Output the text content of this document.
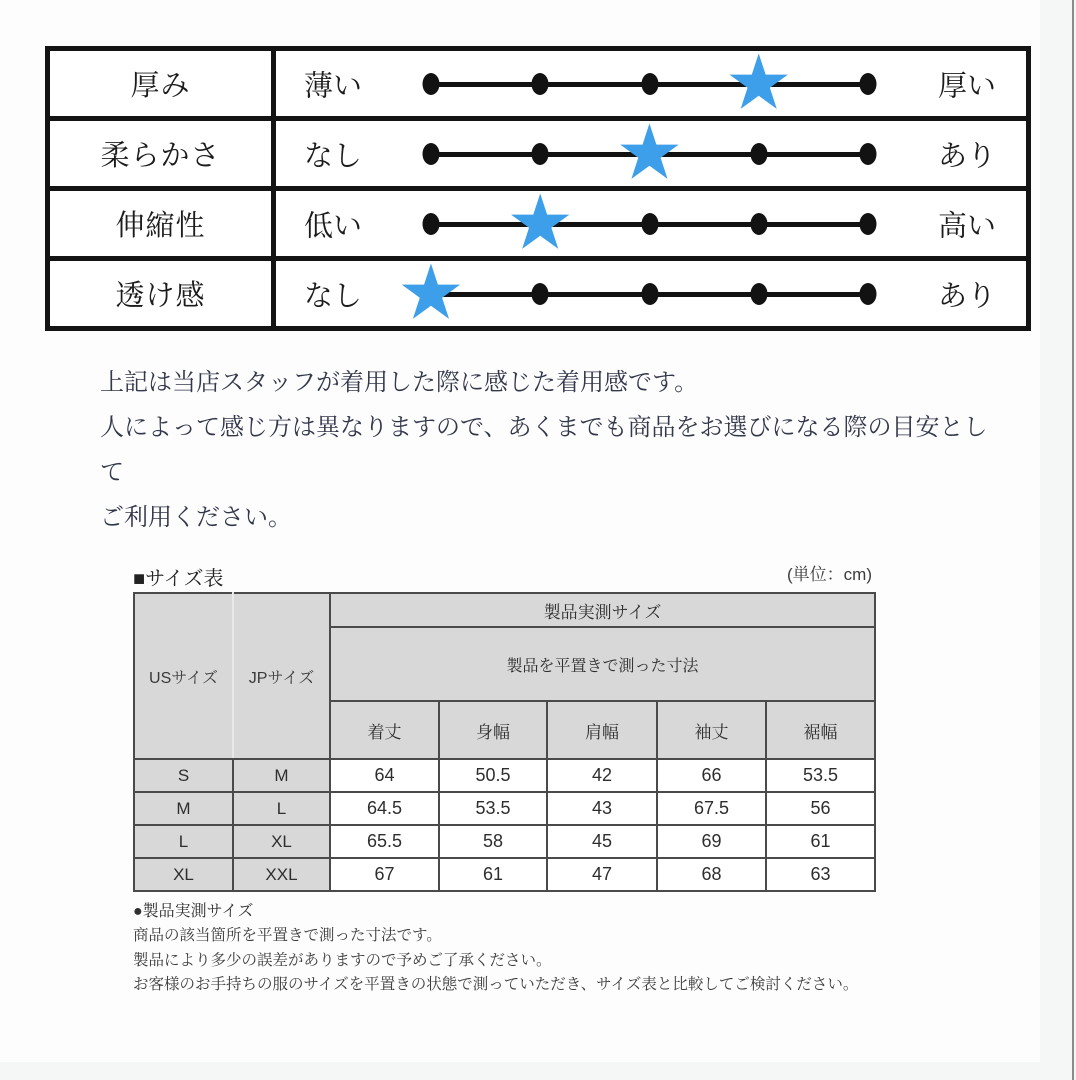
厚み	薄い	★	厚い
柔らかさ	なし	★	あり
伸縮性	低い ★	高い
透け感	なし ★	あり
上記は当店スタッフが着用した際に感じた着用感です。
人によって感じ方は異なりますので、あくまでも商品をお選びになる際の目安として
ご利用ください。
■サイズ表	(単位：cm)
USサイズ	JPサイズ	製品実測サイズ				
		製品を平置きで測った寸法				
		着丈	身幅	肩幅	袖丈	裾幅
S	M	64	50.5	42	66	53.5
M	L	64.5	53.5	43	67.5	56
L	XL	65.5	58	45	69	61
XL	XXL	67	61	47	68	63
●製品実測サイズ
商品の該当箇所を平置きで測った寸法です。
製品により多少の誤差がありますので予めご了承ください。
お客様のお手持ちの服のサイズを平置きの状態で測っていただき、サイズ表と比較してご検討ください。
